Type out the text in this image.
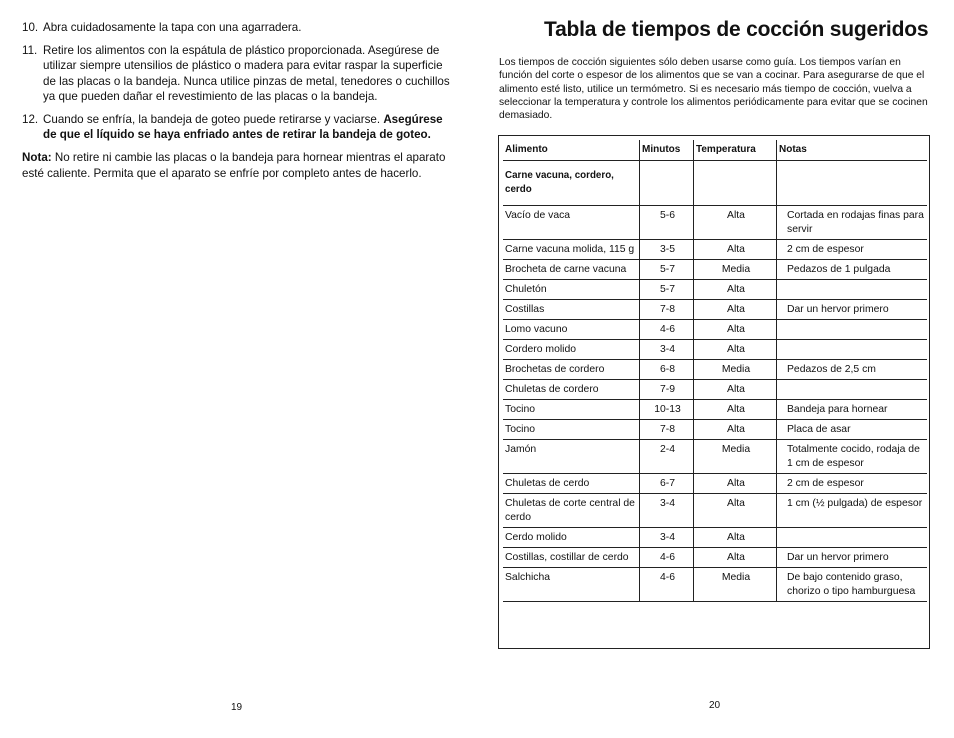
10. Abra cuidadosamente la tapa con una agarradera.
11. Retire los alimentos con la espátula de plástico proporcionada. Asegúrese de utilizar siempre utensilios de plástico o madera para evitar raspar la superficie de las placas o la bandeja. Nunca utilice pinzas de metal, tenedores o cuchillos ya que pueden dañar el revestimiento de las placas o la bandeja.
12. Cuando se enfría, la bandeja de goteo puede retirarse y vaciarse. Asegúrese de que el líquido se haya enfriado antes de retirar la bandeja de goteo.
Nota: No retire ni cambie las placas o la bandeja para hornear mientras el aparato esté caliente. Permita que el aparato se enfríe por completo antes de hacerlo.
19
Tabla de tiempos de cocción sugeridos

Los tiempos de cocción siguientes sólo deben usarse como guía. Los tiempos varían en función del corte o espesor de los alimentos que se van a cocinar. Para asegurarse de que el alimento esté listo, utilice un termómetro. Si es necesario más tiempo de cocción, vuelva a seleccionar la temperatura y controle los alimentos periódicamente para evitar que se cocinen demasiado.

Alimento	Minutos	Temperatura	Notas
Carne vacuna, cordero, cerdo			
Vacío de vaca	5-6	Alta	Cortada en rodajas finas para servir
Carne vacuna molida, 115 g	3-5	Alta	2 cm de espesor
Brocheta de carne vacuna	5-7	Media	Pedazos de 1 pulgada
Chuletón	5-7	Alta	
Costillas	7-8	Alta	Dar un hervor primero
Lomo vacuno	4-6	Alta	
Cordero molido	3-4	Alta	
Brochetas de cordero	6-8	Media	Pedazos de 2,5 cm
Chuletas de cordero	7-9	Alta	
Tocino	10-13	Alta	Bandeja para hornear
Tocino	7-8	Alta	Placa de asar
Jamón	2-4	Media	Totalmente cocido, rodaja de 1 cm de espesor
Chuletas de cerdo	6-7	Alta	2 cm de espesor
Chuletas de corte central de cerdo	3-4	Alta	1 cm (½ pulgada) de espesor
Cerdo molido	3-4	Alta	
Costillas, costillar de cerdo	4-6	Alta	Dar un hervor primero
Salchicha	4-6	Media	De bajo contenido graso, chorizo o tipo hamburguesa
20
